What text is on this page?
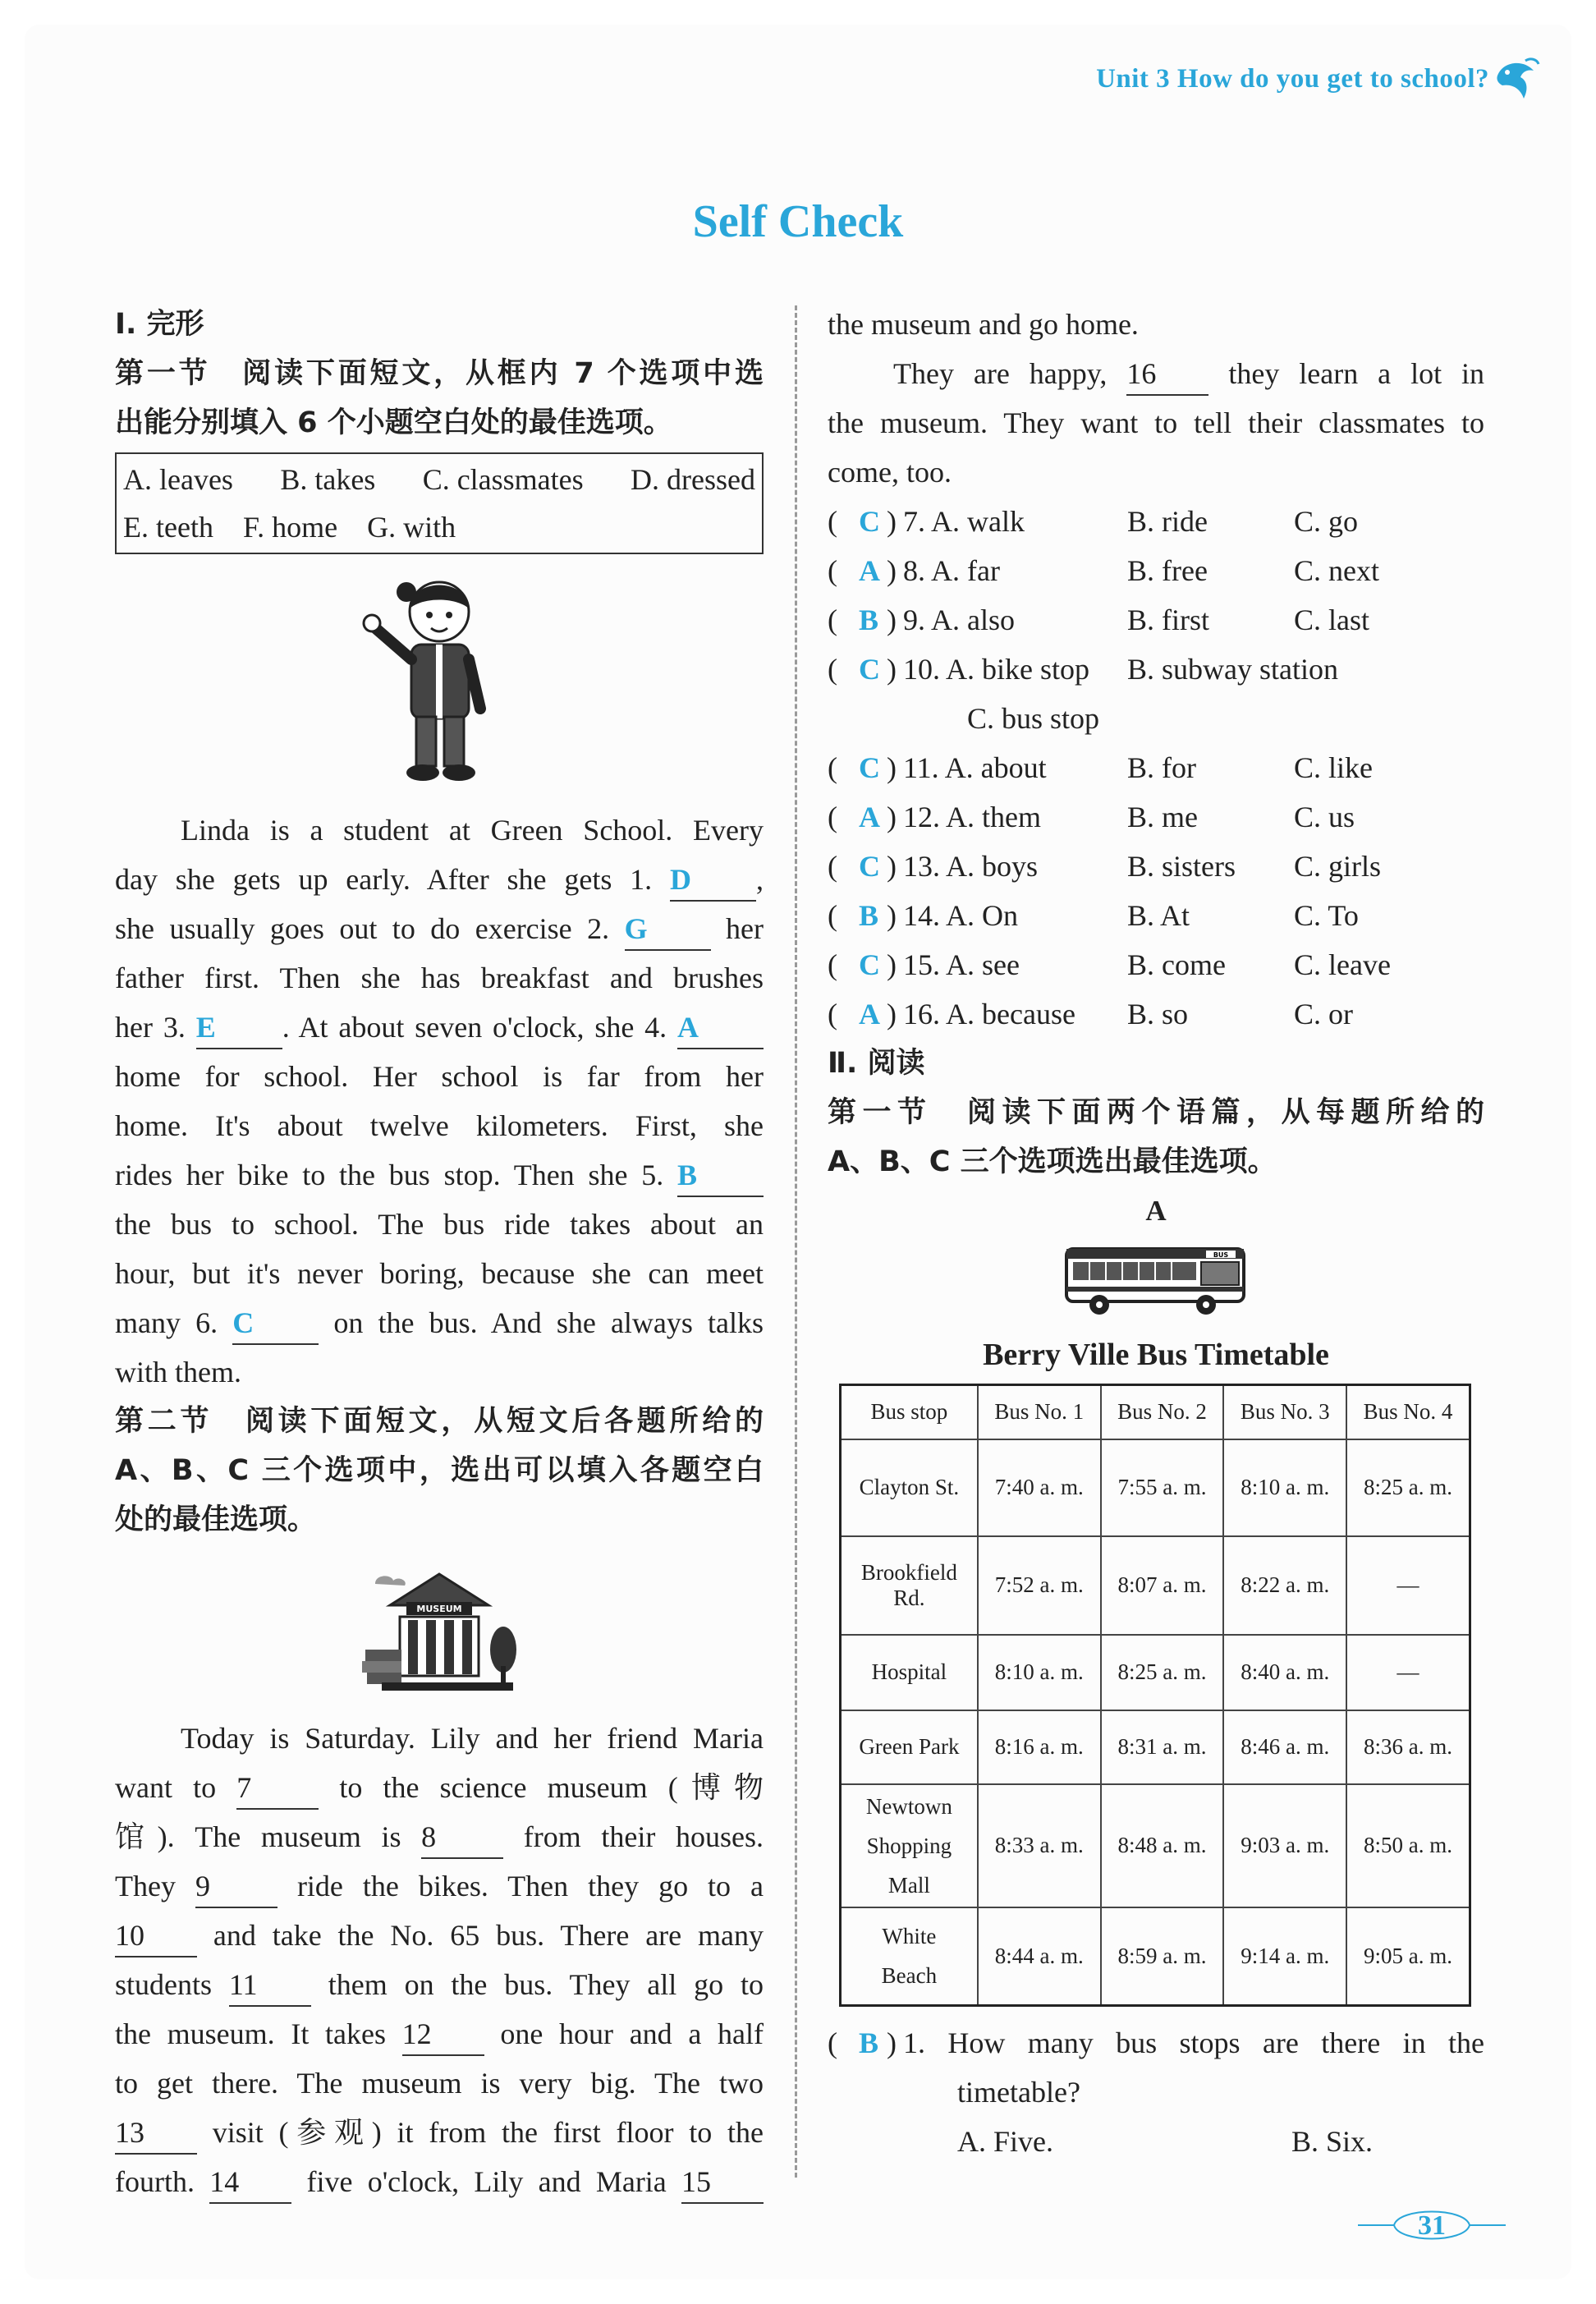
Unit 3 How do you get to school?
Self Check
Ⅰ. 完形
第一节　阅读下面短文，从框内 7 个选项中选
出能分别填入 6 个小题空白处的最佳选项。
A. leaves B. takes C. classmates D. dressed
E. teeth F. home G. with
Linda is a student at Green School. Every
day she gets up early. After she gets 1. D ,
she usually goes out to do exercise 2. G	her
father first. Then she has breakfast and brushes
her 3. E . At about seven o'clock, she 4. A
home for school. Her school is far from her
home. It's about twelve kilometers. First, she
rides her bike to the bus stop. Then she 5. B
the bus to school. The bus ride takes about an
hour, but it's never boring, because she can meet
many 6. C	on the bus. And she always talks
with them.
第二节　阅读下面短文，从短文后各题所给的
A、B、C 三个选项中，选出可以填入各题空白
处的最佳选项。
MUSEUM
Today is Saturday. Lily and her friend Maria
want to 7	to the science museum (博物
馆). The museum is 8	from their houses.
They 9	ride the bikes. Then they go to a
10 and take the No. 65 bus. There are many
students 11 them on the bus. They all go to
the museum. It takes 12 one hour and a half
to get there. The museum is very big. The two
13 visit (参观) it from the first floor to the
fourth. 14 five o'clock, Lily and Maria 15
the museum and go home.
They are happy, 16 they learn a lot in
the museum. They want to tell their classmates to
come, too.
( C ) 7. A. walk	B. ride	C. go
( A ) 8. A. far	B. free	C. next
( B ) 9. A. also	B. first	C. last
( C ) 10. A. bike stop B. subway station
C. bus stop
( C ) 11. A. about	B. for	C. like
( A ) 12. A. them	B. me	C. us
( C ) 13. A. boys	B. sisters C. girls
( B ) 14. A. On	B. At	C. To
( C ) 15. A. see	B. come C. leave
( A ) 16. A. because B. so	C. or
Ⅱ. 阅读
第一节　阅读下面两个语篇，从每题所给的
A、B、C 三个选项选出最佳选项。
A
BUS
Berry Ville Bus Timetable
Bus stop	Bus No. 1	Bus No. 2	Bus No. 3	Bus No. 4
Clayton St.	7:40 a. m.	7:55 a. m.	8:10 a. m.	8:25 a. m.
Brookfield
Rd.	7:52 a. m.	8:07 a. m.	8:22 a. m.	—
Hospital	8:10 a. m.	8:25 a. m.	8:40 a. m.	—
Green Park	8:16 a. m.	8:31 a. m.	8:46 a. m.	8:36 a. m.
Newtown
Shopping
Mall	8:33 a. m.	8:48 a. m.	9:03 a. m.	8:50 a. m.
White
Beach	8:44 a. m.	8:59 a. m.	9:14 a. m.	9:05 a. m.
( B ) 1. How many bus stops are there in the
timetable?
A. Five.	B. Six.
31
